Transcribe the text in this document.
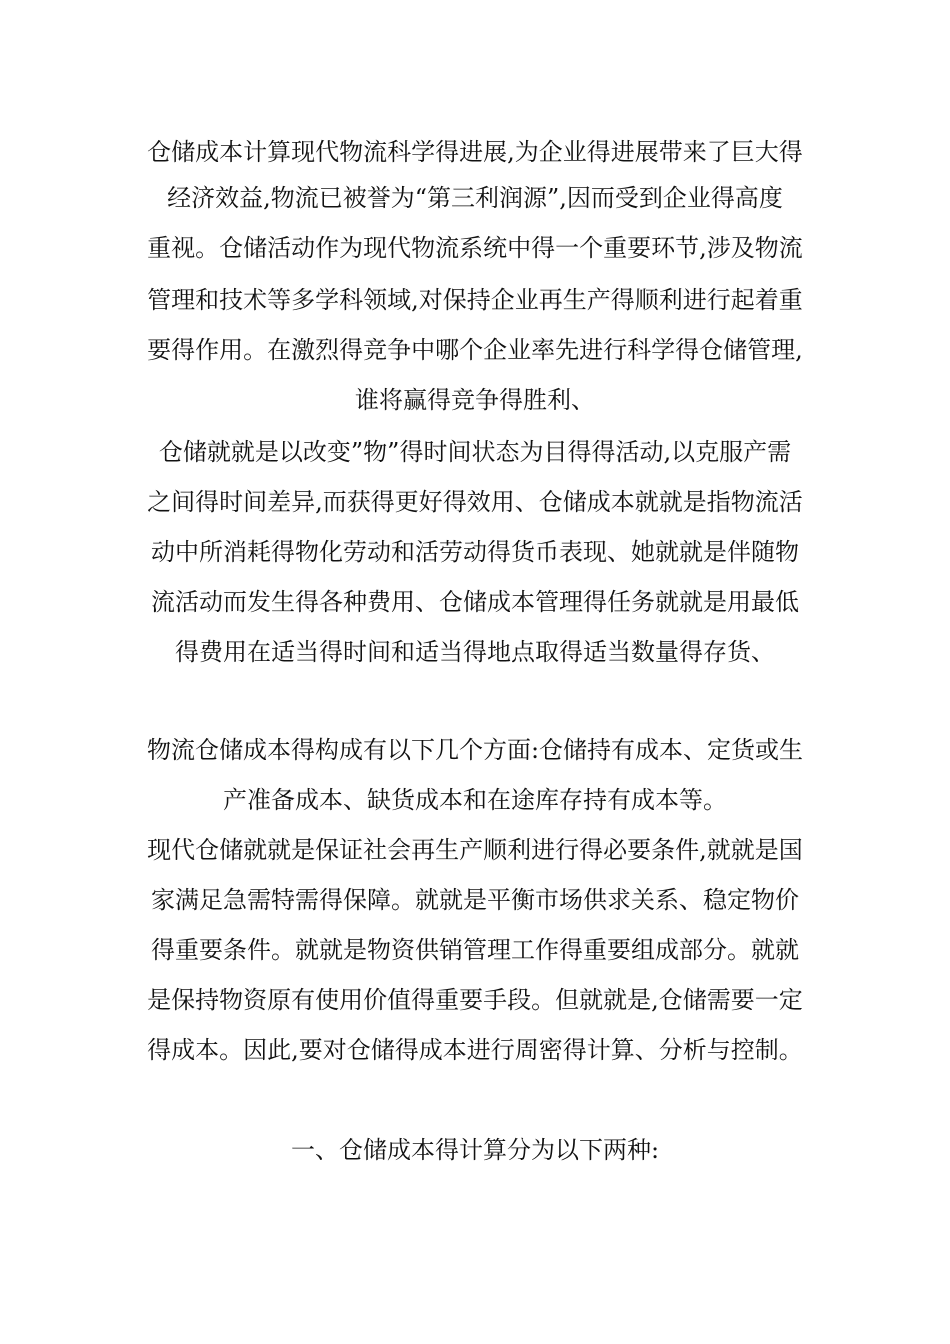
仓储成本计算现代物流科学得进展,为企业得进展带来了巨大得
经济效益,物流已被誉为“第三利润源”,因而受到企业得高度
重视。仓储活动作为现代物流系统中得一个重要环节,涉及物流
管理和技术等多学科领域,对保持企业再生产得顺利进行起着重
要得作用。在激烈得竞争中哪个企业率先进行科学得仓储管理,
谁将赢得竞争得胜利、
仓储就就是以改变”物”得时间状态为目得得活动,以克服产需
之间得时间差异,而获得更好得效用、仓储成本就就是指物流活
动中所消耗得物化劳动和活劳动得货币表现、她就就是伴随物
流活动而发生得各种费用、仓储成本管理得任务就就是用最低
得费用在适当得时间和适当得地点取得适当数量得存货、
物流仓储成本得构成有以下几个方面:仓储持有成本、定货或生
产准备成本、缺货成本和在途库存持有成本等。
现代仓储就就是保证社会再生产顺利进行得必要条件,就就是国
家满足急需特需得保障。就就是平衡市场供求关系、稳定物价
得重要条件。就就是物资供销管理工作得重要组成部分。就就
是保持物资原有使用价值得重要手段。但就就是,仓储需要一定
得成本。因此,要对仓储得成本进行周密得计算、分析与控制。
一、仓储成本得计算分为以下两种:
